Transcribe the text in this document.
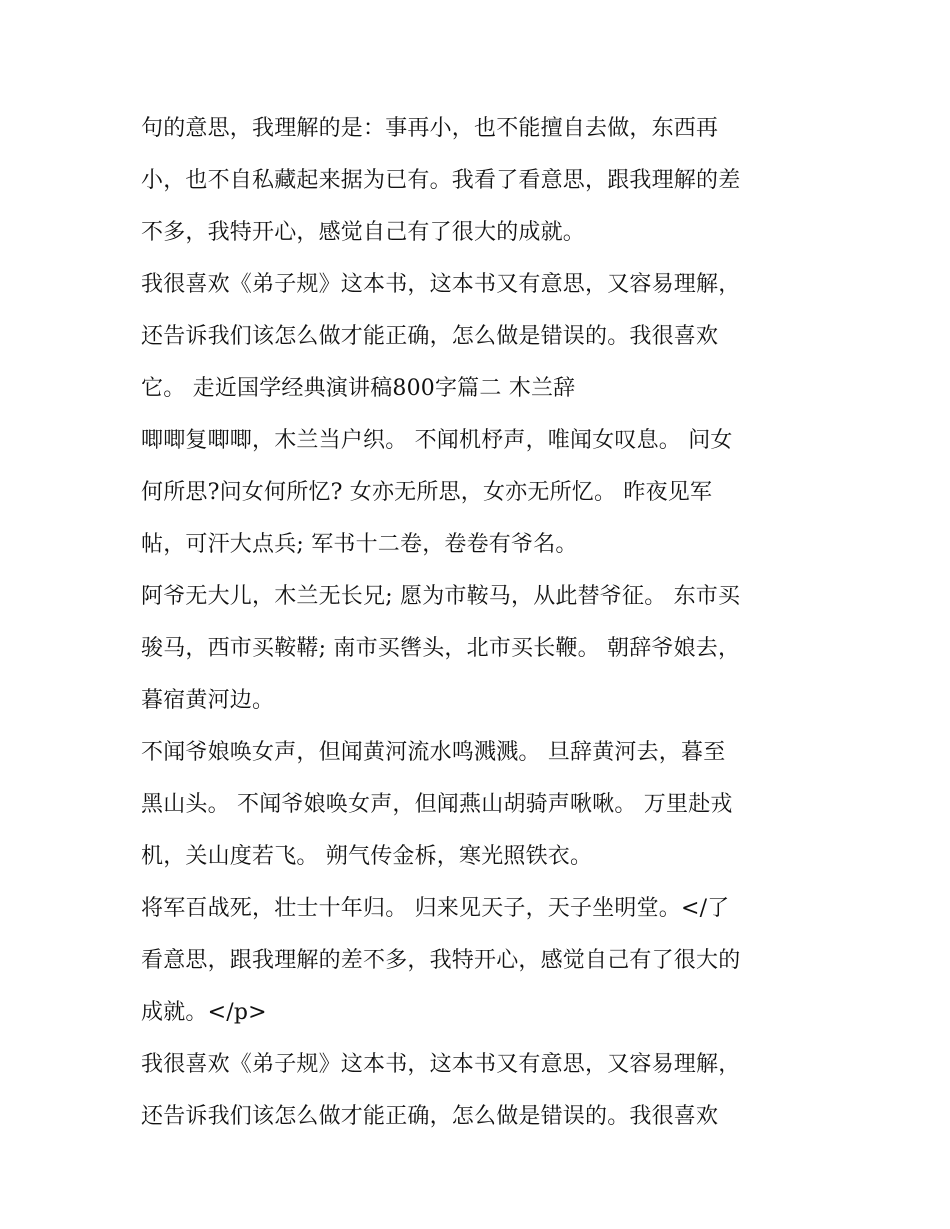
句的意思，我理解的是：事再小，也不能擅自去做，东西再
小，也不自私藏起来据为已有。我看了看意思，跟我理解的差
不多，我特开心，感觉自己有了很大的成就。
我很喜欢《弟子规》这本书，这本书又有意思，又容易理解，
还告诉我们该怎么做才能正确，怎么做是错误的。我很喜欢
它。 走近国学经典演讲稿800字篇二 木兰辞
唧唧复唧唧，木兰当户织。 不闻机杼声，唯闻女叹息。 问女
何所思?问女何所忆? 女亦无所思，女亦无所忆。 昨夜见军
帖，可汗大点兵; 军书十二卷，卷卷有爷名。
阿爷无大儿，木兰无长兄; 愿为市鞍马，从此替爷征。 东市买
骏马，西市买鞍鞯; 南市买辔头，北市买长鞭。 朝辞爷娘去，
暮宿黄河边。
不闻爷娘唤女声，但闻黄河流水鸣溅溅。 旦辞黄河去，暮至
黑山头。 不闻爷娘唤女声，但闻燕山胡骑声啾啾。 万里赴戎
机，关山度若飞。 朔气传金柝，寒光照铁衣。
将军百战死，壮士十年归。 归来见天子，天子坐明堂。</了
看意思，跟我理解的差不多，我特开心，感觉自己有了很大的
成就。</p>
我很喜欢《弟子规》这本书，这本书又有意思，又容易理解，
还告诉我们该怎么做才能正确，怎么做是错误的。我很喜欢
